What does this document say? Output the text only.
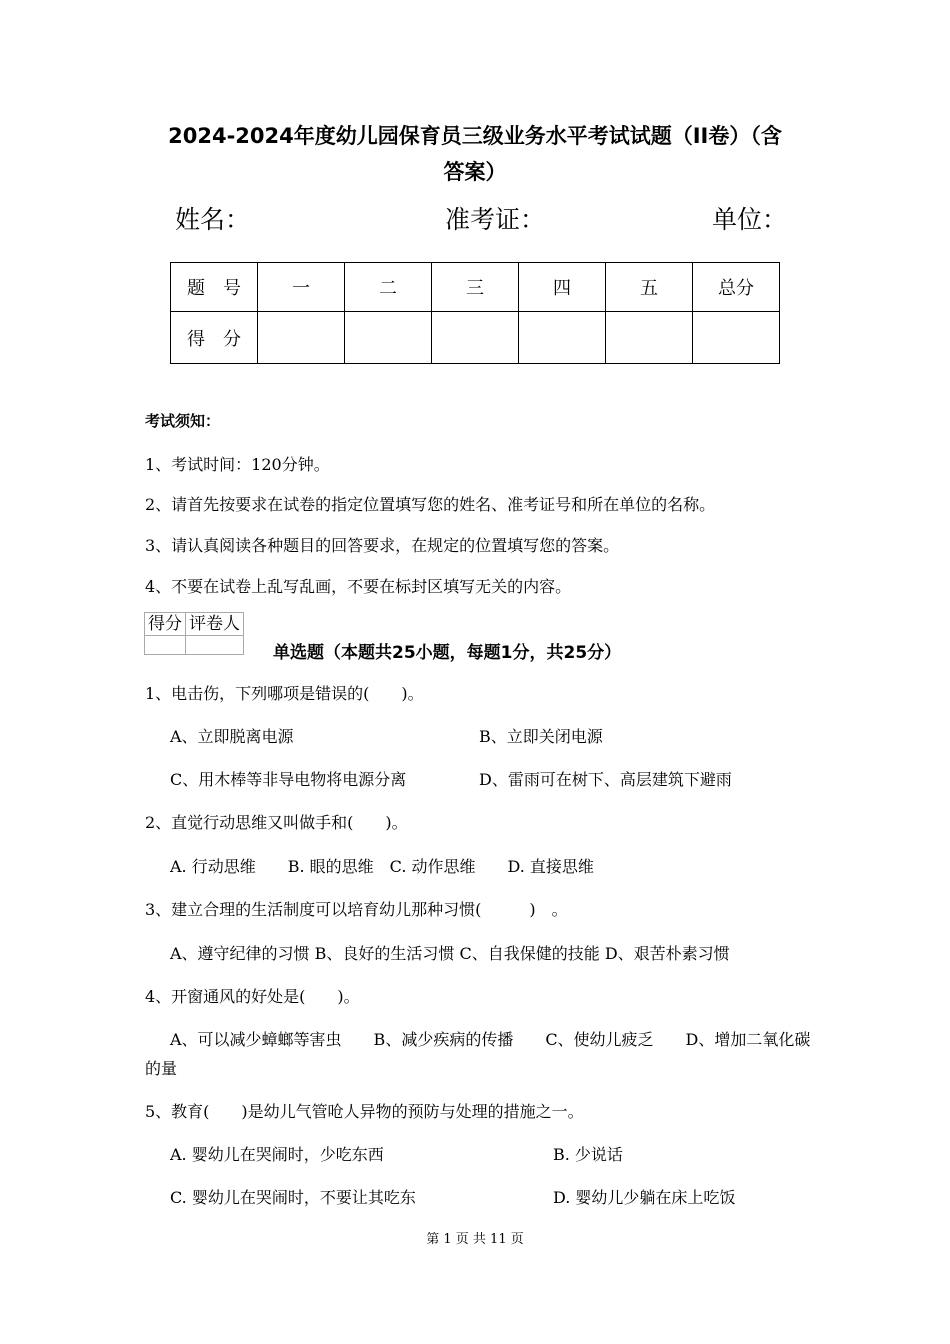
2024-2024年度幼儿园保育员三级业务水平考试试题（II卷）（含
答案）
姓名：	准考证：	单位：
题　号	一	二	三	四	五	总分
得　分						
考试须知：
1、考试时间：120分钟。
2、请首先按要求在试卷的指定位置填写您的姓名、准考证号和所在单位的名称。
3、请认真阅读各种题目的回答要求，在规定的位置填写您的答案。
4、不要在试卷上乱写乱画，不要在标封区填写无关的内容。
得分	评卷人

单选题（本题共25小题，每题1分，共25分）
1、电击伤，下列哪项是错误的(　　)。
A、立即脱离电源	B、立即关闭电源
C、用木棒等非导电物将电源分离	D、雷雨可在树下、高层建筑下避雨
2、直觉行动思维又叫做手和(　　)。
A. 行动思维　　B. 眼的思维　C. 动作思维　　D. 直接思维
3、建立合理的生活制度可以培育幼儿那种习惯(　　　)　。
A、遵守纪律的习惯 B、良好的生活习惯 C、自我保健的技能 D、艰苦朴素习惯
4、开窗通风的好处是(　　)。
A、可以减少蟑螂等害虫　　B、减少疾病的传播　　C、使幼儿疲乏　　D、增加二氧化碳
的量
5、教育(　　)是幼儿气管呛人异物的预防与处理的措施之一。
A. 婴幼儿在哭闹时，少吃东西	B. 少说话
C. 婴幼儿在哭闹时，不要让其吃东	D. 婴幼儿少躺在床上吃饭
第 1 页 共 11 页
